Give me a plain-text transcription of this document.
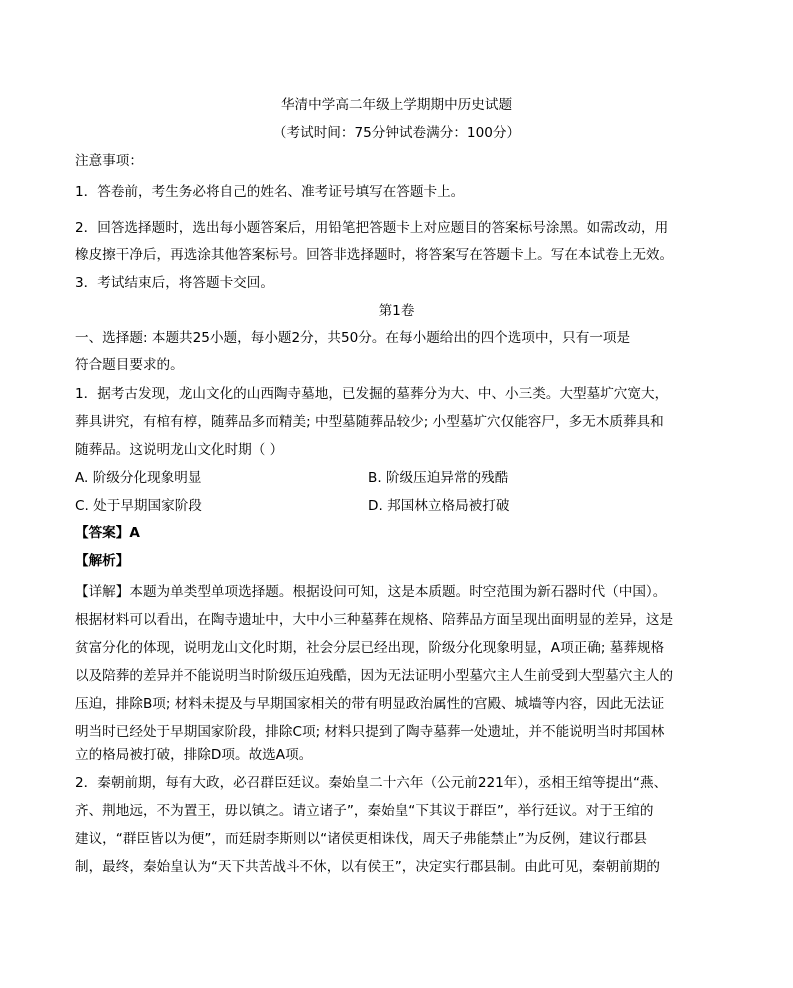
华清中学高二年级上学期期中历史试题
（考试时间：75分钟试卷满分：100分）
注意事项：
1．答卷前，考生务必将自己的姓名、准考证号填写在答题卡上。
2．回答选择题时，选出每小题答案后，用铅笔把答题卡上对应题目的答案标号涂黑。如需改动，用
橡皮擦干净后，再选涂其他答案标号。回答非选择题时，将答案写在答题卡上。写在本试卷上无效。
3．考试结束后，将答题卡交回。
第1卷
一、选择题: 本题共25小题，每小题2分，共50分。在每小题给出的四个选项中，只有一项是
符合题目要求的。
1．据考古发现，龙山文化的山西陶寺墓地，已发掘的墓葬分为大、中、小三类。大型墓圹穴宽大，
葬具讲究，有棺有椁，随葬品多而精美; 中型墓随葬品较少; 小型墓圹穴仅能容尸，多无木质葬具和
随葬品。这说明龙山文化时期（ ）
A. 阶级分化现象明显	B. 阶级压迫异常的残酷
C. 处于早期国家阶段	D. 邦国林立格局被打破
【答案】A
【解析】
【详解】本题为单类型单项选择题。根据设问可知，这是本质题。时空范围为新石器时代（中国）。
根据材料可以看出，在陶寺遗址中，大中小三种墓葬在规格、陪葬品方面呈现出面明显的差异，这是
贫富分化的体现，说明龙山文化时期，社会分层已经出现，阶级分化现象明显，A项正确; 墓葬规格
以及陪葬的差异并不能说明当时阶级压迫残酷，因为无法证明小型墓穴主人生前受到大型墓穴主人的
压迫，排除B项; 材料未提及与早期国家相关的带有明显政治属性的宫殿、城墙等内容，因此无法证
明当时已经处于早期国家阶段，排除C项; 材料只提到了陶寺墓葬一处遗址，并不能说明当时邦国林
立的格局被打破，排除D项。故选A项。
2．秦朝前期，每有大政，必召群臣廷议。秦始皇二十六年（公元前221年），丞相王绾等提出“燕、
齐、荆地远，不为置王，毋以镇之。请立诸子”，秦始皇“下其议于群臣”，举行廷议。对于王绾的
建议，“群臣皆以为便”，而廷尉李斯则以“诸侯更相诛伐，周天子弗能禁止”为反例，建议行郡县
制，最终，秦始皇认为“天下共苦战斗不休，以有侯王”，决定实行郡县制。由此可见，秦朝前期的
